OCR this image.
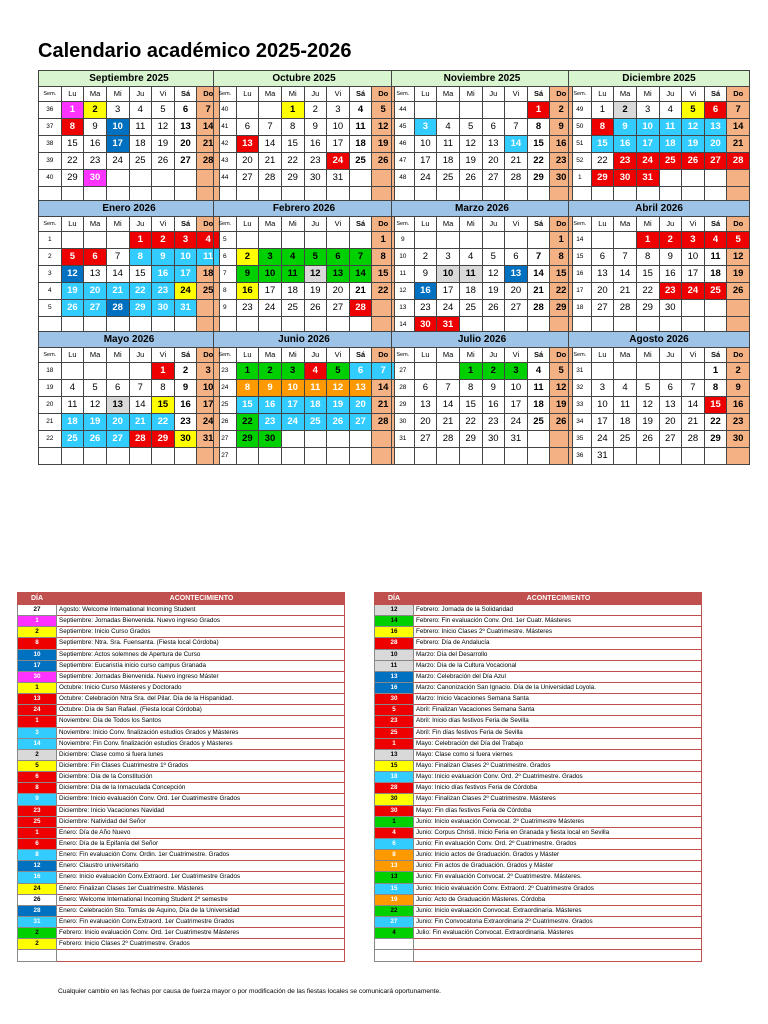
Calendario académico 2025-2026
Septiembre 2025							
Sem.	Lu	Ma	Mi	Ju	Vi	Sá	Do
36	1	2	3	4	5	6	7
37	8	9	10	11	12	13	14
38	15	16	17	18	19	20	21
39	22	23	24	25	26	27	28
40	29	30					

Octubre 2025							
Sem.	Lu	Ma	Mi	Ju	Vi	Sá	Do
40			1	2	3	4	5
41	6	7	8	9	10	11	12
42	13	14	15	16	17	18	19
43	20	21	22	23	24	25	26
44	27	28	29	30	31		

Noviembre 2025							
Sem.	Lu	Ma	Mi	Ju	Vi	Sá	Do
44						1	2
45	3	4	5	6	7	8	9
46	10	11	12	13	14	15	16
47	17	18	19	20	21	22	23
48	24	25	26	27	28	29	30

Diciembre 2025							
Sem.	Lu	Ma	Mi	Ju	Vi	Sá	Do
49	1	2	3	4	5	6	7
50	8	9	10	11	12	13	14
51	15	16	17	18	19	20	21
52	22	23	24	25	26	27	28
1	29	30	31				

Enero 2026							
Sem.	Lu	Ma	Mi	Ju	Vi	Sá	Do
1				1	2	3	4
2	5	6	7	8	9	10	11
3	12	13	14	15	16	17	18
4	19	20	21	22	23	24	25
5	26	27	28	29	30	31	

Febrero 2026							
Sem.	Lu	Ma	Mi	Ju	Vi	Sá	Do
5							1
6	2	3	4	5	6	7	8
7	9	10	11	12	13	14	15
8	16	17	18	19	20	21	22
9	23	24	25	26	27	28	

Marzo 2026							
Sem.	Lu	Ma	Mi	Ju	Vi	Sá	Do
9							1
10	2	3	4	5	6	7	8
11	9	10	11	12	13	14	15
12	16	17	18	19	20	21	22
13	23	24	25	26	27	28	29
14	30	31					
Abril 2026							
Sem.	Lu	Ma	Mi	Ju	Vi	Sá	Do
14			1	2	3	4	5
15	6	7	8	9	10	11	12
16	13	14	15	16	17	18	19
17	20	21	22	23	24	25	26
18	27	28	29	30			

Mayo 2026							
Sem.	Lu	Ma	Mi	Ju	Vi	Sá	Do
18					1	2	3
19	4	5	6	7	8	9	10
20	11	12	13	14	15	16	17
21	18	19	20	21	22	23	24
22	25	26	27	28	29	30	31

Junio 2026							
Sem.	Lu	Ma	Mi	Ju	Vi	Sá	Do
23	1	2	3	4	5	6	7
24	8	9	10	11	12	13	14
25	15	16	17	18	19	20	21
26	22	23	24	25	26	27	28
27	29	30					
27							
Julio 2026							
Sem.	Lu	Ma	Mi	Ju	Vi	Sá	Do
27			1	2	3	4	5
28	6	7	8	9	10	11	12
29	13	14	15	16	17	18	19
30	20	21	22	23	24	25	26
31	27	28	29	30	31		

Agosto 2026							
Sem.	Lu	Ma	Mi	Ju	Vi	Sá	Do
31						1	2
32	3	4	5	6	7	8	9
33	10	11	12	13	14	15	16
34	17	18	19	20	21	22	23
35	24	25	26	27	28	29	30
36	31						
DÍA	ACONTECIMIENTO
27	Agosto: Welcome International Incoming Student
1	Septiembre: Jornadas Bienvenida. Nuevo ingreso Grados
2	Septiembre: Inicio Curso Grados
8	Septiembre: Ntra. Sra. Fuensanta. (Fiesta local Córdoba)
10	Septiembre: Actos solemnes de Apertura de Curso
17	Septiembre: Eucaristía inicio curso campus Granada
30	Septiembre: Jornadas Bienvenida. Nuevo ingreso Máster
1	Octubre: Inicio Curso Másteres y Doctorado
13	Octubre: Celebración Ntra Sra. del Pilar. Día de la Hispanidad.
24	Octubre: Día de San Rafael. (Fiesta local Córdoba)
1	Noviembre: Día de Todos los Santos
3	Noviembre: Inicio Conv. finalización estudios Grados y Másteres
14	Noviembre: Fin Conv. finalización estudios Grados y Másteres
2	Diciembre: Clase como si fuera lunes
5	Diciembre: Fin Clases Cuatrimestre 1º Grados
6	Diciembre: Día de la Constitución
8	Diciembre: Día de la Inmaculada Concepción
9	Diciembre: Inicio evaluación Conv. Ord. 1er Cuatrimestre Grados
23	Diciembre: Inicio Vacaciones Navidad
25	Diciembre: Natividad del Señor
1	Enero: Día de Año Nuevo
6	Enero: Día de la Epifanía del Señor
8	Enero: Fin evaluación Conv. Ordin. 1er Cuatrimestre. Grados
12	Enero: Claustro universitario
16	Enero: Inicio evaluación Conv.Extraord. 1er Cuatrimestre Grados
24	Enero: Finalizan Clases 1er Cuatrimestre. Másteres
26	Enero: Welcome International Incoming Student 2º semestre
28	Enero: Celebración Sto. Tomás de Aquino, Día de la Universidad
31	Enero: Fin evaluación Conv.Extraord. 1er Cuatrimestre Grados
2	Febrero: Inicio evaluación Conv. Ord. 1er Cuatrimestre Másteres
2	Febrero: Inicio Clases 2º Cuatrimestre. Grados

DÍA	ACONTECIMIENTO
12	Febrero: Jornada de la Solidaridad
14	Febrero: Fin evaluación Conv. Ord. 1er Cuatr. Másteres
16	Febrero: Inicio Clases 2º Cuatrimestre. Másteres
28	Febrero: Día de Andalucía
10	Marzo: Día del Desarrollo
11	Marzo: Día de la Cultura Vocacional
13	Marzo: Celebración del Día Azul
16	Marzo: Canonización San Ignacio. Día de la Universidad Loyola.
30	Marzo: Inicio Vacaciones Semana Santa
5	Abril: Finalizan Vacaciones Semana Santa
23	Abril: Inicio días festivos Feria de Sevilla
25	Abril: Fin días festivos Feria de Sevilla
1	Mayo: Celebración del Día del Trabajo
13	Mayo: Clase como si fuera viernes
15	Mayo: Finalizan Clases 2º Cuatrimestre. Grados
18	Mayo: Inicio evaluación Conv. Ord. 2º Cuatrimestre. Grados
28	Mayo: Inicio días festivos Feria de Córdoba
30	Mayo: Finalizan Clases 2º Cuatrimestre. Másteres
30	Mayo: Fin días festivos Feria de Córdoba
1	Junio: Inicio evaluación Convocat. 2º Cuatrimestre Másteres
4	Junio: Corpus Christi. Inicio Feria en Granada y fiesta local en Sevilla
6	Junio: Fin evaluación Conv. Ord. 2º Cuatrimestre. Grados
8	Junio: Inicio actos de Graduación. Grados y Máster
13	Junio: Fin actos de Graduación. Grados y Máster
13	Junio: Fin evaluación Convocat. 2º Cuatrimestre. Másteres.
15	Junio: Inicio evaluación Conv. Extraord. 2º Cuatrimestre Grados
19	Junio: Acto de Graduación Másteres. Córdoba
22	Junio: Inicio evaluación Convocat. Extraordinaria. Másteres
27	Junio: Fin Convocatoria Extraordinaria 2º Cuatrimestre. Grados
4	Julio: Fin evaluación Convocat. Extraordinaria. Másteres

Cualquier cambio en las fechas por causa de fuerza mayor o por modificación de las fiestas locales se comunicará oportunamente.
